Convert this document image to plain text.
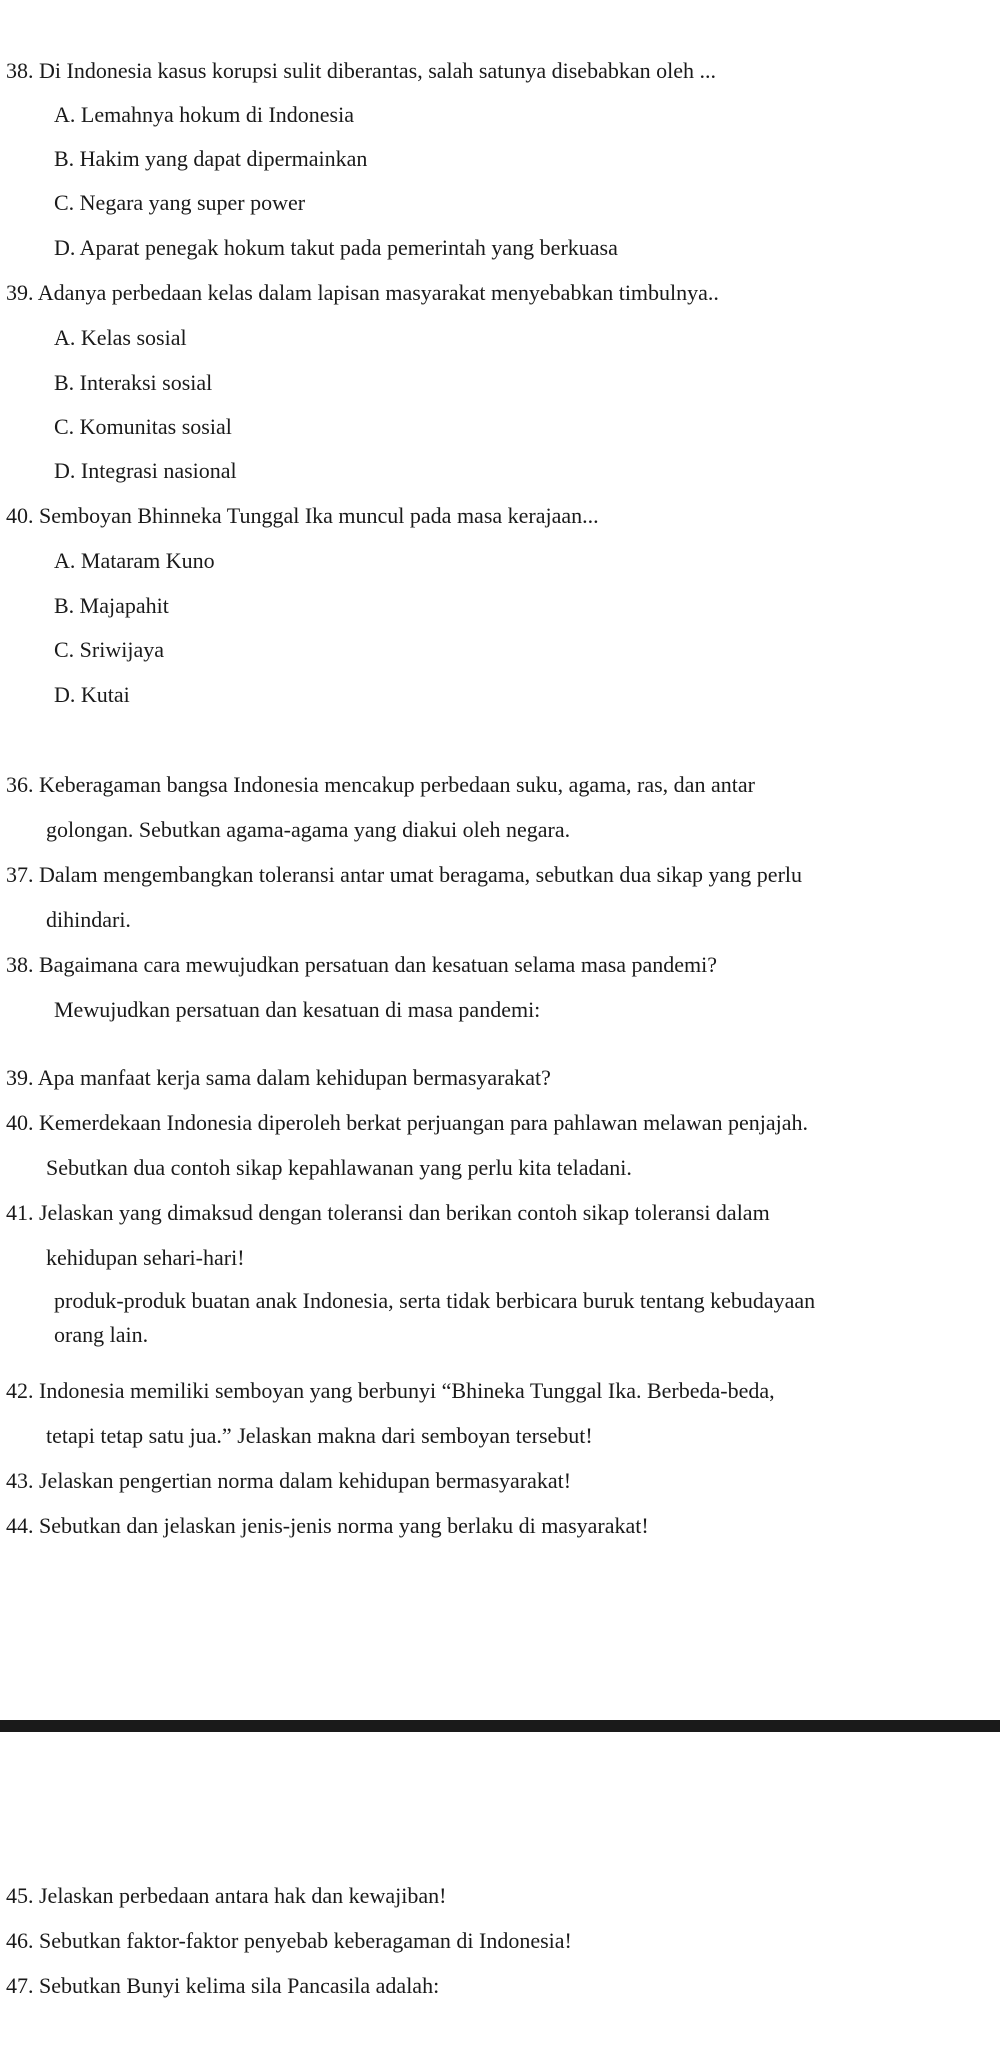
38. Di Indonesia kasus korupsi sulit diberantas, salah satunya disebabkan oleh ...
A. Lemahnya hokum di Indonesia
B. Hakim yang dapat dipermainkan
C. Negara yang super power
D. Aparat penegak hokum takut pada pemerintah yang berkuasa
39. Adanya perbedaan kelas dalam lapisan masyarakat menyebabkan timbulnya..
A. Kelas sosial
B. Interaksi sosial
C. Komunitas sosial
D. Integrasi nasional
40. Semboyan Bhinneka Tunggal Ika muncul pada masa kerajaan...
A. Mataram Kuno
B. Majapahit
C. Sriwijaya
D. Kutai
36. Keberagaman bangsa Indonesia mencakup perbedaan suku, agama, ras, dan antar
golongan. Sebutkan agama-agama yang diakui oleh negara.
37. Dalam mengembangkan toleransi antar umat beragama, sebutkan dua sikap yang perlu
dihindari.
38. Bagaimana cara mewujudkan persatuan dan kesatuan selama masa pandemi?
Mewujudkan persatuan dan kesatuan di masa pandemi:
39. Apa manfaat kerja sama dalam kehidupan bermasyarakat?
40. Kemerdekaan Indonesia diperoleh berkat perjuangan para pahlawan melawan penjajah.
Sebutkan dua contoh sikap kepahlawanan yang perlu kita teladani.
41. Jelaskan yang dimaksud dengan toleransi dan berikan contoh sikap toleransi dalam
kehidupan sehari-hari!
produk-produk buatan anak Indonesia, serta tidak berbicara buruk tentang kebudayaan
orang lain.
42. Indonesia memiliki semboyan yang berbunyi “Bhineka Tunggal Ika. Berbeda-beda,
tetapi tetap satu jua.” Jelaskan makna dari semboyan tersebut!
43. Jelaskan pengertian norma dalam kehidupan bermasyarakat!
44. Sebutkan dan jelaskan jenis-jenis norma yang berlaku di masyarakat!
45. Jelaskan perbedaan antara hak dan kewajiban!
46. Sebutkan faktor-faktor penyebab keberagaman di Indonesia!
47. Sebutkan Bunyi kelima sila Pancasila adalah:
